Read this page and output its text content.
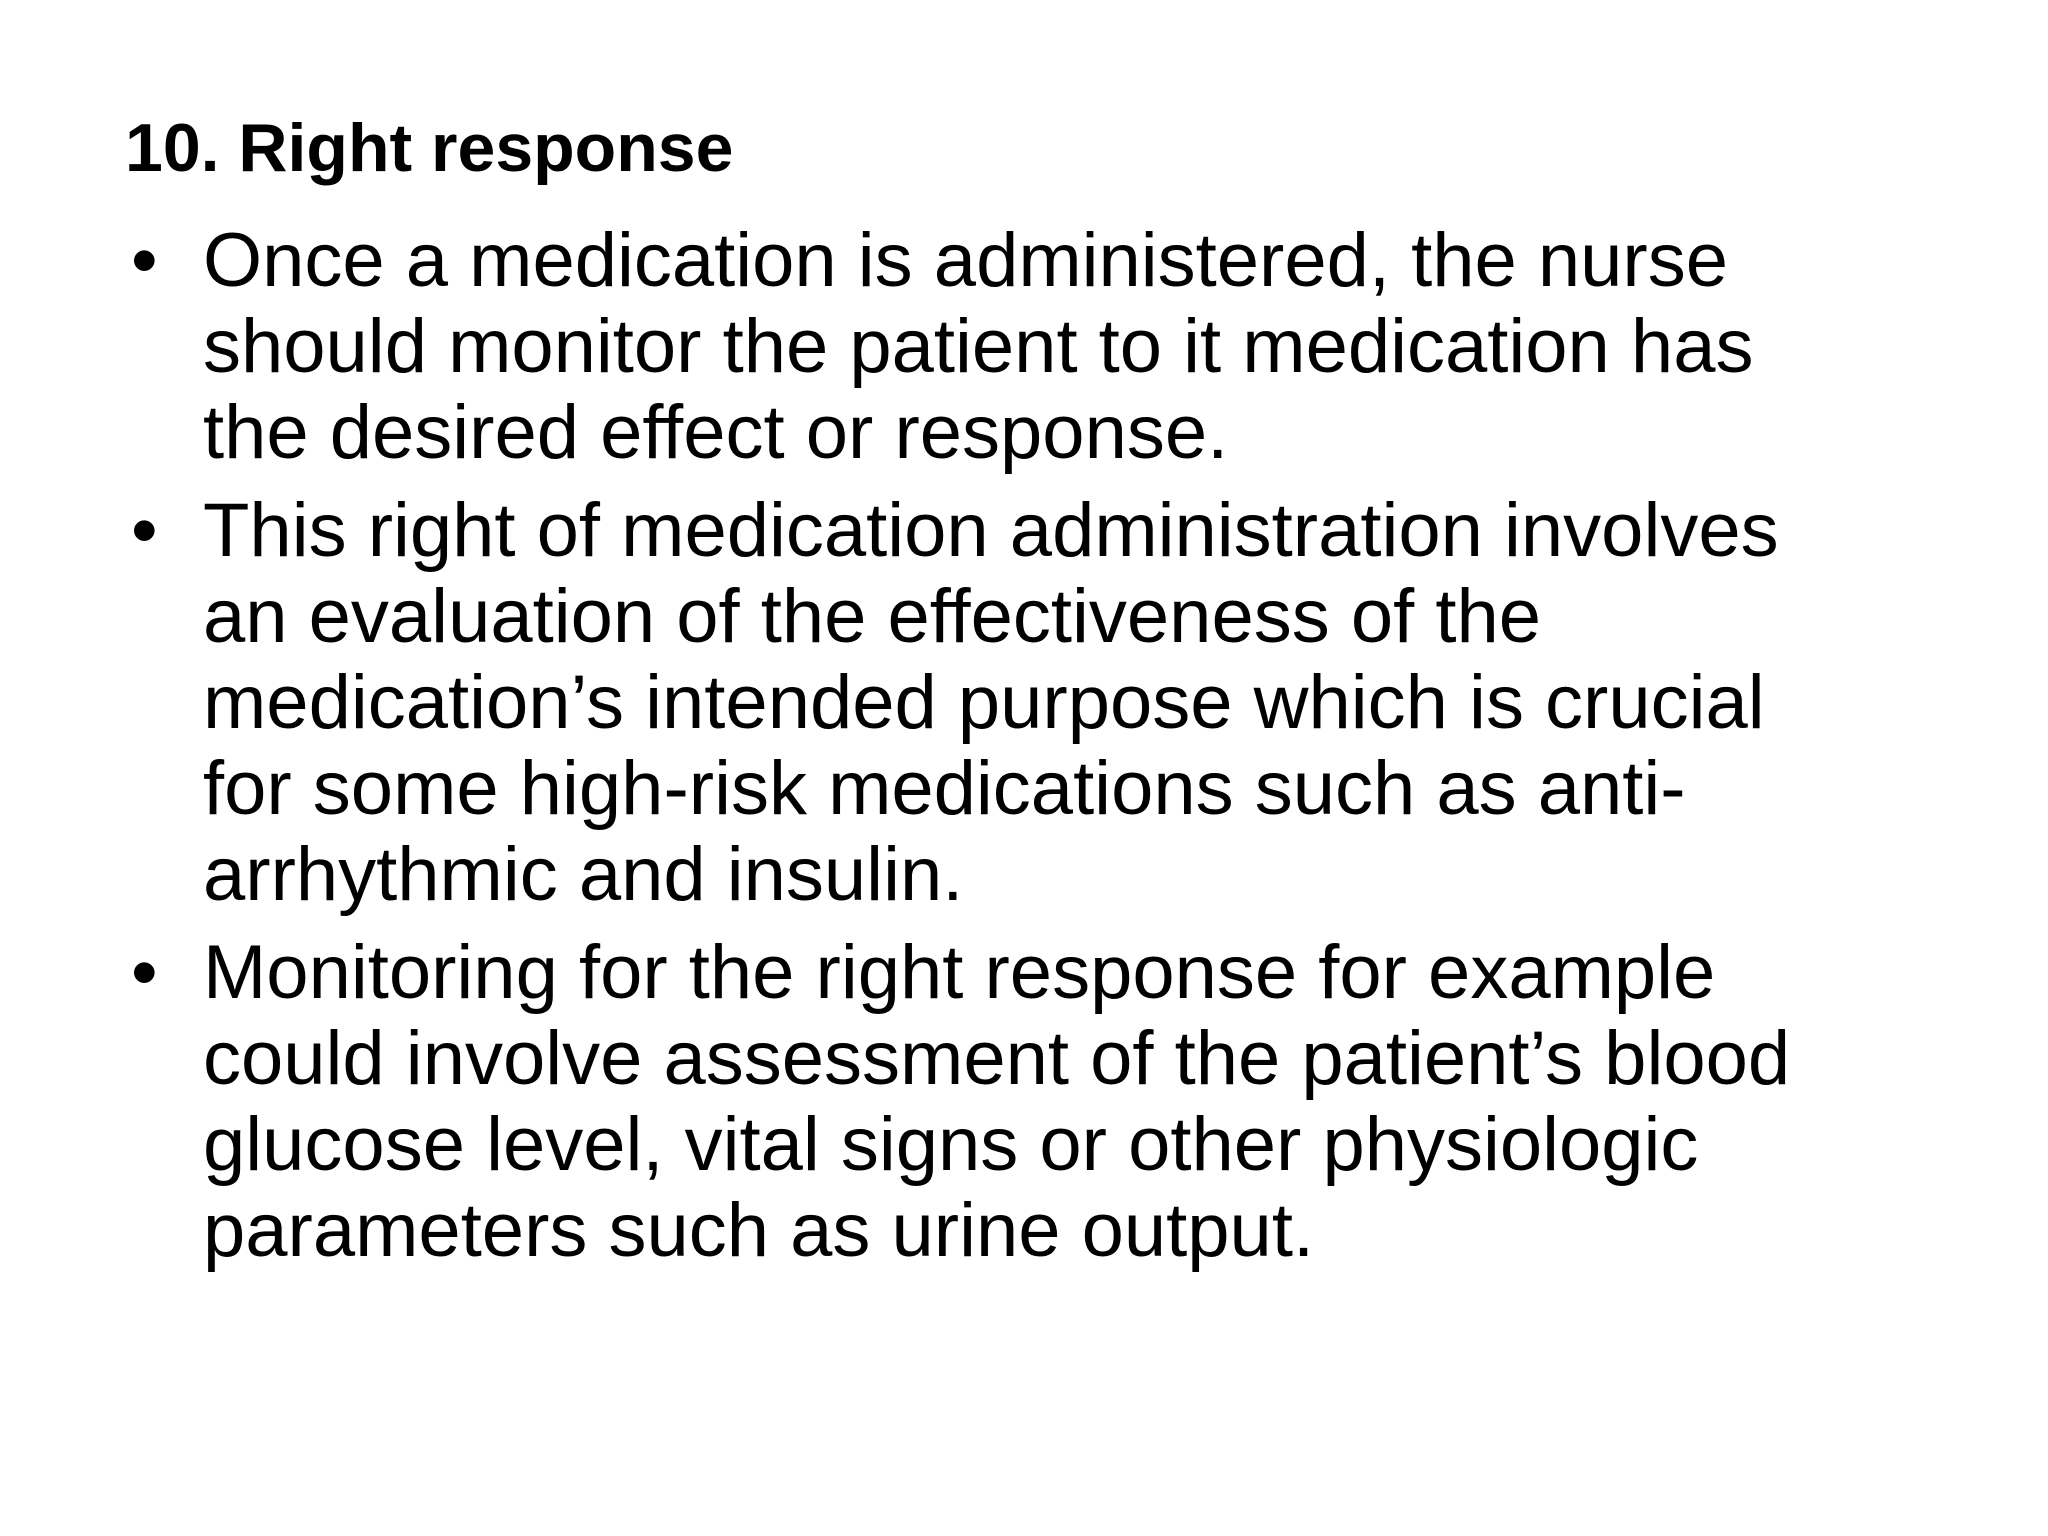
10. Right response
• Once a medication is administered, the nurse
should monitor the patient to it medication has
the desired effect or response.
• This right of medication administration involves
an evaluation of the effectiveness of the
medication’s intended purpose which is crucial
for some high-risk medications such as anti-
arrhythmic and insulin.
• Monitoring for the right response for example
could involve assessment of the patient’s blood
glucose level, vital signs or other physiologic
parameters such as urine output.
